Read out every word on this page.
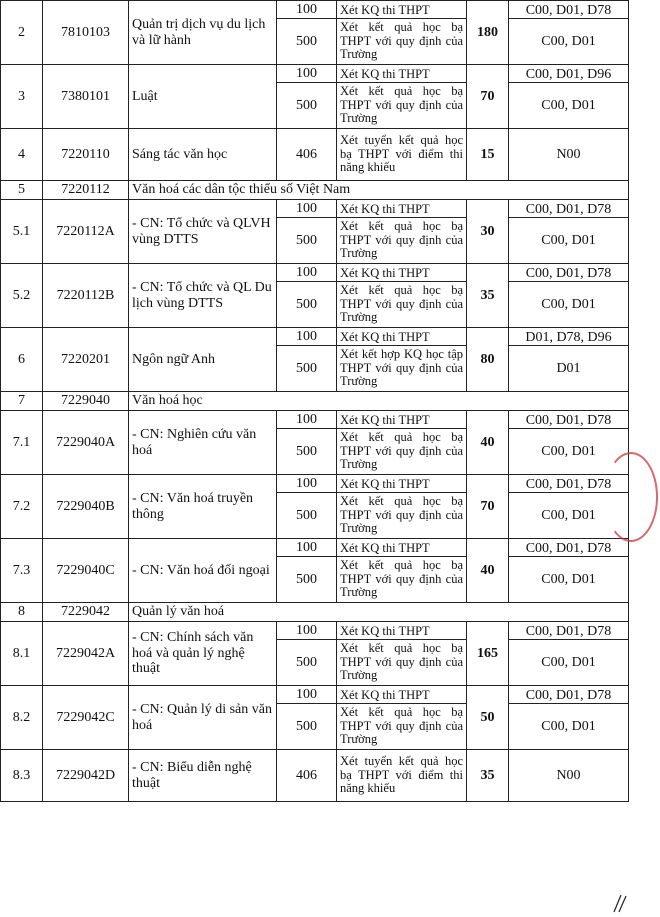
2	7810103	Quản trị dịch vụ du lịch và lữ hành	100	Xét KQ thi THPT	180	C00, D01, D78
			500	Xét kết quả học bạ THPT với quy định của Trường		C00, D01
3	7380101	Luật	100	Xét KQ thi THPT	70	C00, D01, D96
			500	Xét kết quả học bạ THPT với quy định của Trường		C00, D01
4	7220110	Sáng tác văn học	406	Xét tuyển kết quả học bạ THPT với điểm thi năng khiếu	15	N00
5	7220112	Văn hoá các dân tộc thiểu số Việt Nam				
5.1	7220112A	- CN: Tổ chức và QLVH vùng DTTS	100	Xét KQ thi THPT	30	C00, D01, D78
			500	Xét kết quả học bạ THPT với quy định của Trường		C00, D01
5.2	7220112B	- CN: Tổ chức và QL Du lịch vùng DTTS	100	Xét KQ thi THPT	35	C00, D01, D78
			500	Xét kết quả học bạ THPT với quy định của Trường		C00, D01
6	7220201	Ngôn ngữ Anh	100	Xét KQ thi THPT	80	D01, D78, D96
			500	Xét kết hợp KQ học tập THPT với quy định của Trường		D01
7	7229040	Văn hoá học				
7.1	7229040A	- CN: Nghiên cứu văn hoá	100	Xét KQ thi THPT	40	C00, D01, D78
			500	Xét kết quả học bạ THPT với quy định của Trường		C00, D01
7.2	7229040B	- CN: Văn hoá truyền thông	100	Xét KQ thi THPT	70	C00, D01, D78
			500	Xét kết quả học bạ THPT với quy định của Trường		C00, D01
7.3	7229040C	- CN: Văn hoá đối ngoại	100	Xét KQ thi THPT	40	C00, D01, D78
			500	Xét kết quả học bạ THPT với quy định của Trường		C00, D01
8	7229042	Quản lý văn hoá				
8.1	7229042A	- CN: Chính sách văn hoá và quản lý nghệ thuật	100	Xét KQ thi THPT	165	C00, D01, D78
			500	Xét kết quả học bạ THPT với quy định của Trường		C00, D01
8.2	7229042C	- CN: Quản lý di sản văn hoá	100	Xét KQ thi THPT	50	C00, D01, D78
			500	Xét kết quả học bạ THPT với quy định của Trường		C00, D01
8.3	7229042D	- CN: Biểu diễn nghệ thuật	406	Xét tuyển kết quả học bạ THPT với điểm thi năng khiếu	35	N00
